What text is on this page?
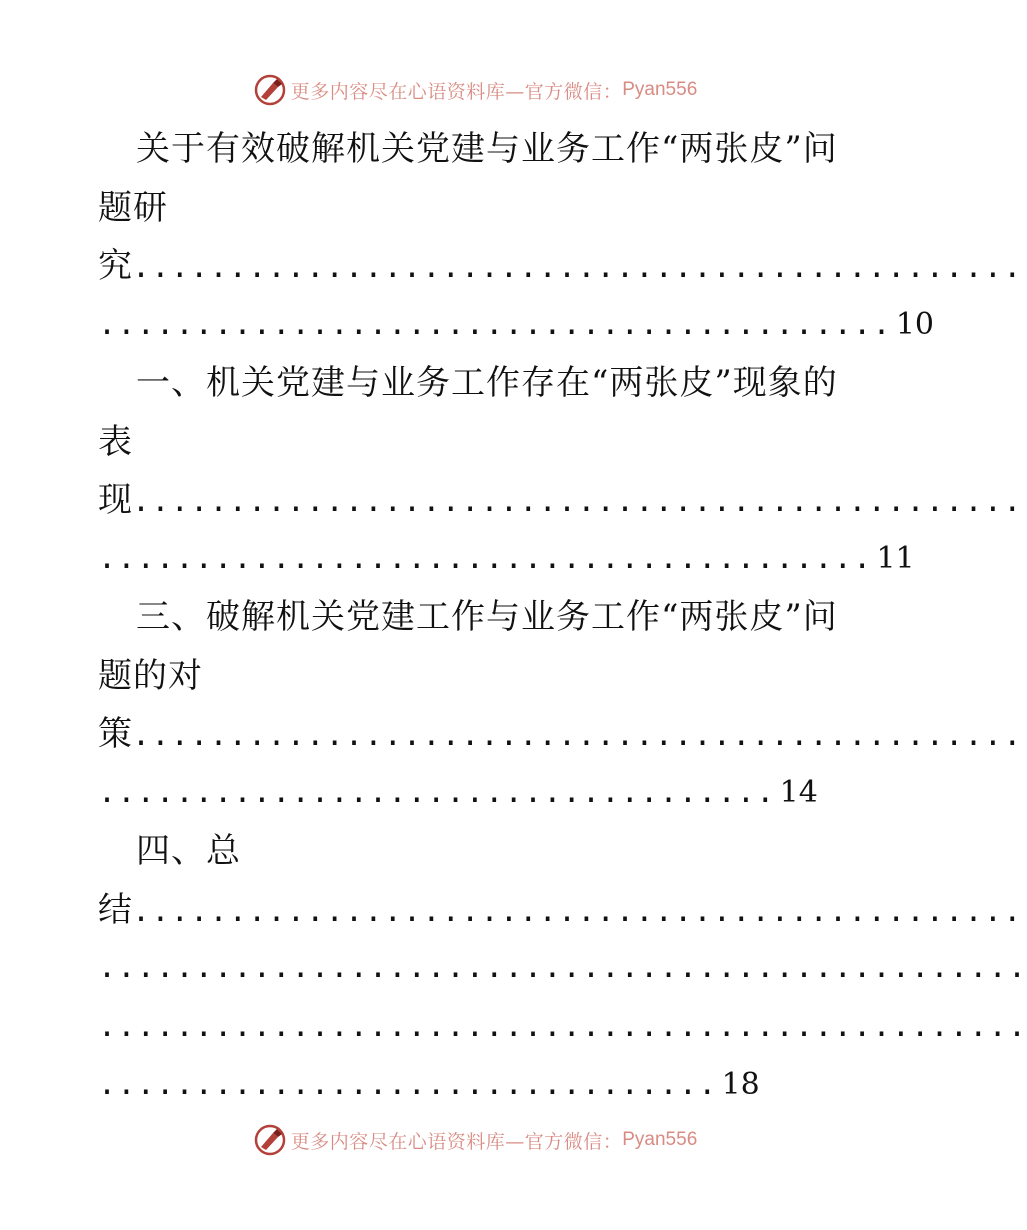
更多内容尽在心语资料库—官方微信： Pyan556
关于有效破解机关党建与业务工作“两张皮”问
题研
究 ..............................................
......................................... 10
一、机关党建与业务工作存在“两张皮”现象的
表
现 ..............................................
........................................ 11
三、破解机关党建工作与业务工作“两张皮”问
题的对
策 ..............................................
................................... 14
四、总
结 ..............................................
................................................
................................................
................................ 18
更多内容尽在心语资料库—官方微信： Pyan556
